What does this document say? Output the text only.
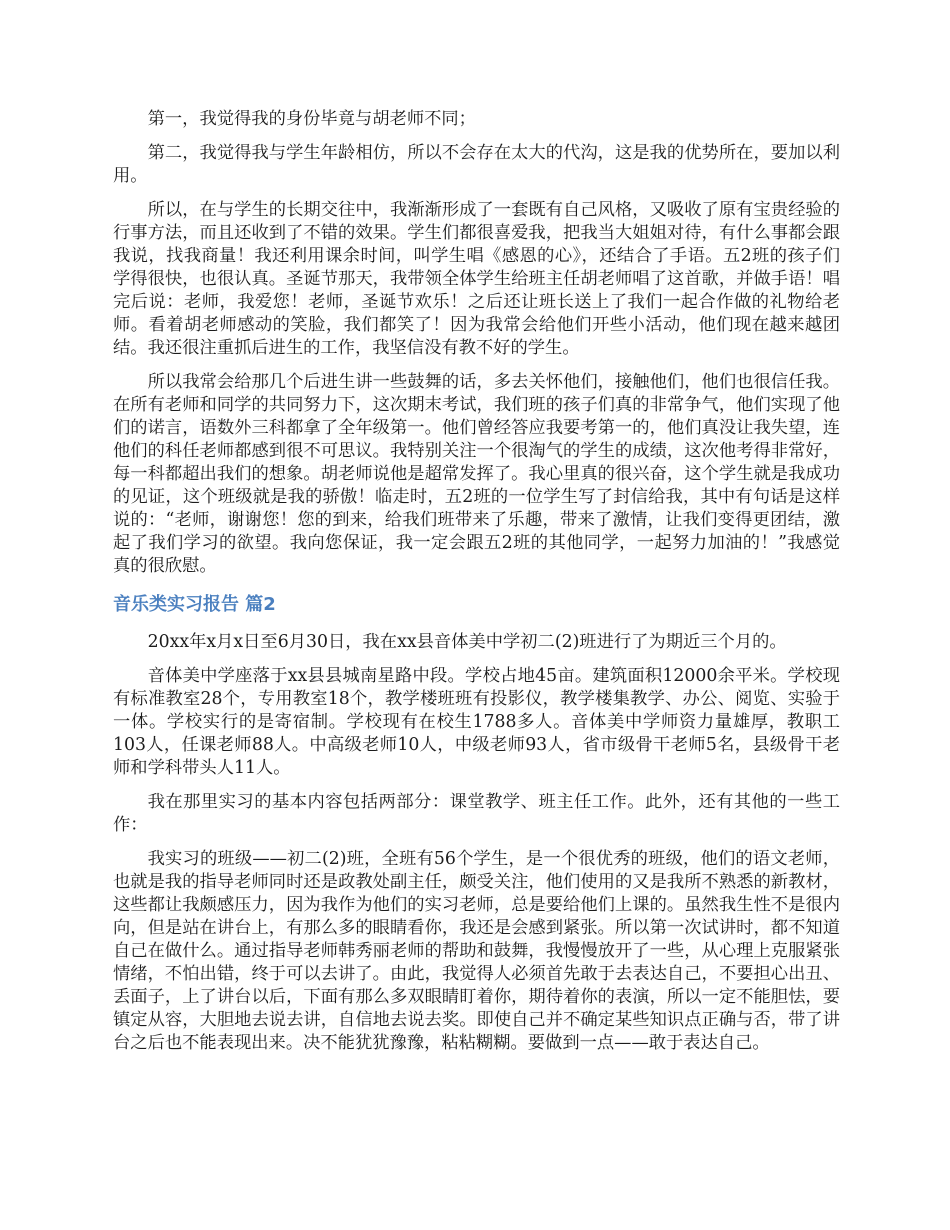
第一，我觉得我的身份毕竟与胡老师不同；

第二，我觉得我与学生年龄相仿，所以不会存在太大的代沟，这是我的优势所在，要加以利用。

所以，在与学生的长期交往中，我渐渐形成了一套既有自己风格，又吸收了原有宝贵经验的行事方法，而且还收到了不错的效果。学生们都很喜爱我，把我当大姐姐对待，有什么事都会跟我说，找我商量！我还利用课余时间，叫学生唱《感恩的心》，还结合了手语。五2班的孩子们学得很快，也很认真。圣诞节那天，我带领全体学生给班主任胡老师唱了这首歌，并做手语！唱完后说：老师，我爱您！老师，圣诞节欢乐！之后还让班长送上了我们一起合作做的礼物给老师。看着胡老师感动的笑脸，我们都笑了！因为我常会给他们开些小活动，他们现在越来越团结。我还很注重抓后进生的工作，我坚信没有教不好的学生。

所以我常会给那几个后进生讲一些鼓舞的话，多去关怀他们，接触他们，他们也很信任我。在所有老师和同学的共同努力下，这次期末考试，我们班的孩子们真的非常争气，他们实现了他们的诺言，语数外三科都拿了全年级第一。他们曾经答应我要考第一的，他们真没让我失望，连他们的科任老师都感到很不可思议。我特别关注一个很淘气的学生的成绩，这次他考得非常好，每一科都超出我们的想象。胡老师说他是超常发挥了。我心里真的很兴奋，这个学生就是我成功的见证，这个班级就是我的骄傲！临走时，五2班的一位学生写了封信给我，其中有句话是这样说的：“老师，谢谢您！您的到来，给我们班带来了乐趣，带来了激情，让我们变得更团结，激起了我们学习的欲望。我向您保证，我一定会跟五2班的其他同学，一起努力加油的！”我感觉真的很欣慰。

音乐类实习报告 篇2

20xx年x月x日至6月30日，我在xx县音体美中学初二(2)班进行了为期近三个月的。

音体美中学座落于xx县县城南星路中段。学校占地45亩。建筑面积12000余平米。学校现有标准教室28个，专用教室18个，教学楼班班有投影仪，教学楼集教学、办公、阅览、实验于一体。学校实行的是寄宿制。学校现有在校生1788多人。音体美中学师资力量雄厚，教职工103人，任课老师88人。中高级老师10人，中级老师93人，省市级骨干老师5名，县级骨干老师和学科带头人11人。

我在那里实习的基本内容包括两部分：课堂教学、班主任工作。此外，还有其他的一些工作：

我实习的班级——初二(2)班，全班有56个学生，是一个很优秀的班级，他们的语文老师，也就是我的指导老师同时还是政教处副主任，颇受关注，他们使用的又是我所不熟悉的新教材，这些都让我颇感压力，因为我作为他们的实习老师，总是要给他们上课的。虽然我生性不是很内向，但是站在讲台上，有那么多的眼睛看你，我还是会感到紧张。所以第一次试讲时，都不知道自己在做什么。通过指导老师韩秀丽老师的帮助和鼓舞，我慢慢放开了一些，从心理上克服紧张情绪，不怕出错，终于可以去讲了。由此，我觉得人必须首先敢于去表达自己，不要担心出丑、丢面子，上了讲台以后，下面有那么多双眼睛盯着你，期待着你的表演，所以一定不能胆怯，要镇定从容，大胆地去说去讲，自信地去说去奖。即使自己并不确定某些知识点正确与否，带了讲台之后也不能表现出来。决不能犹犹豫豫，粘粘糊糊。要做到一点——敢于表达自己。
